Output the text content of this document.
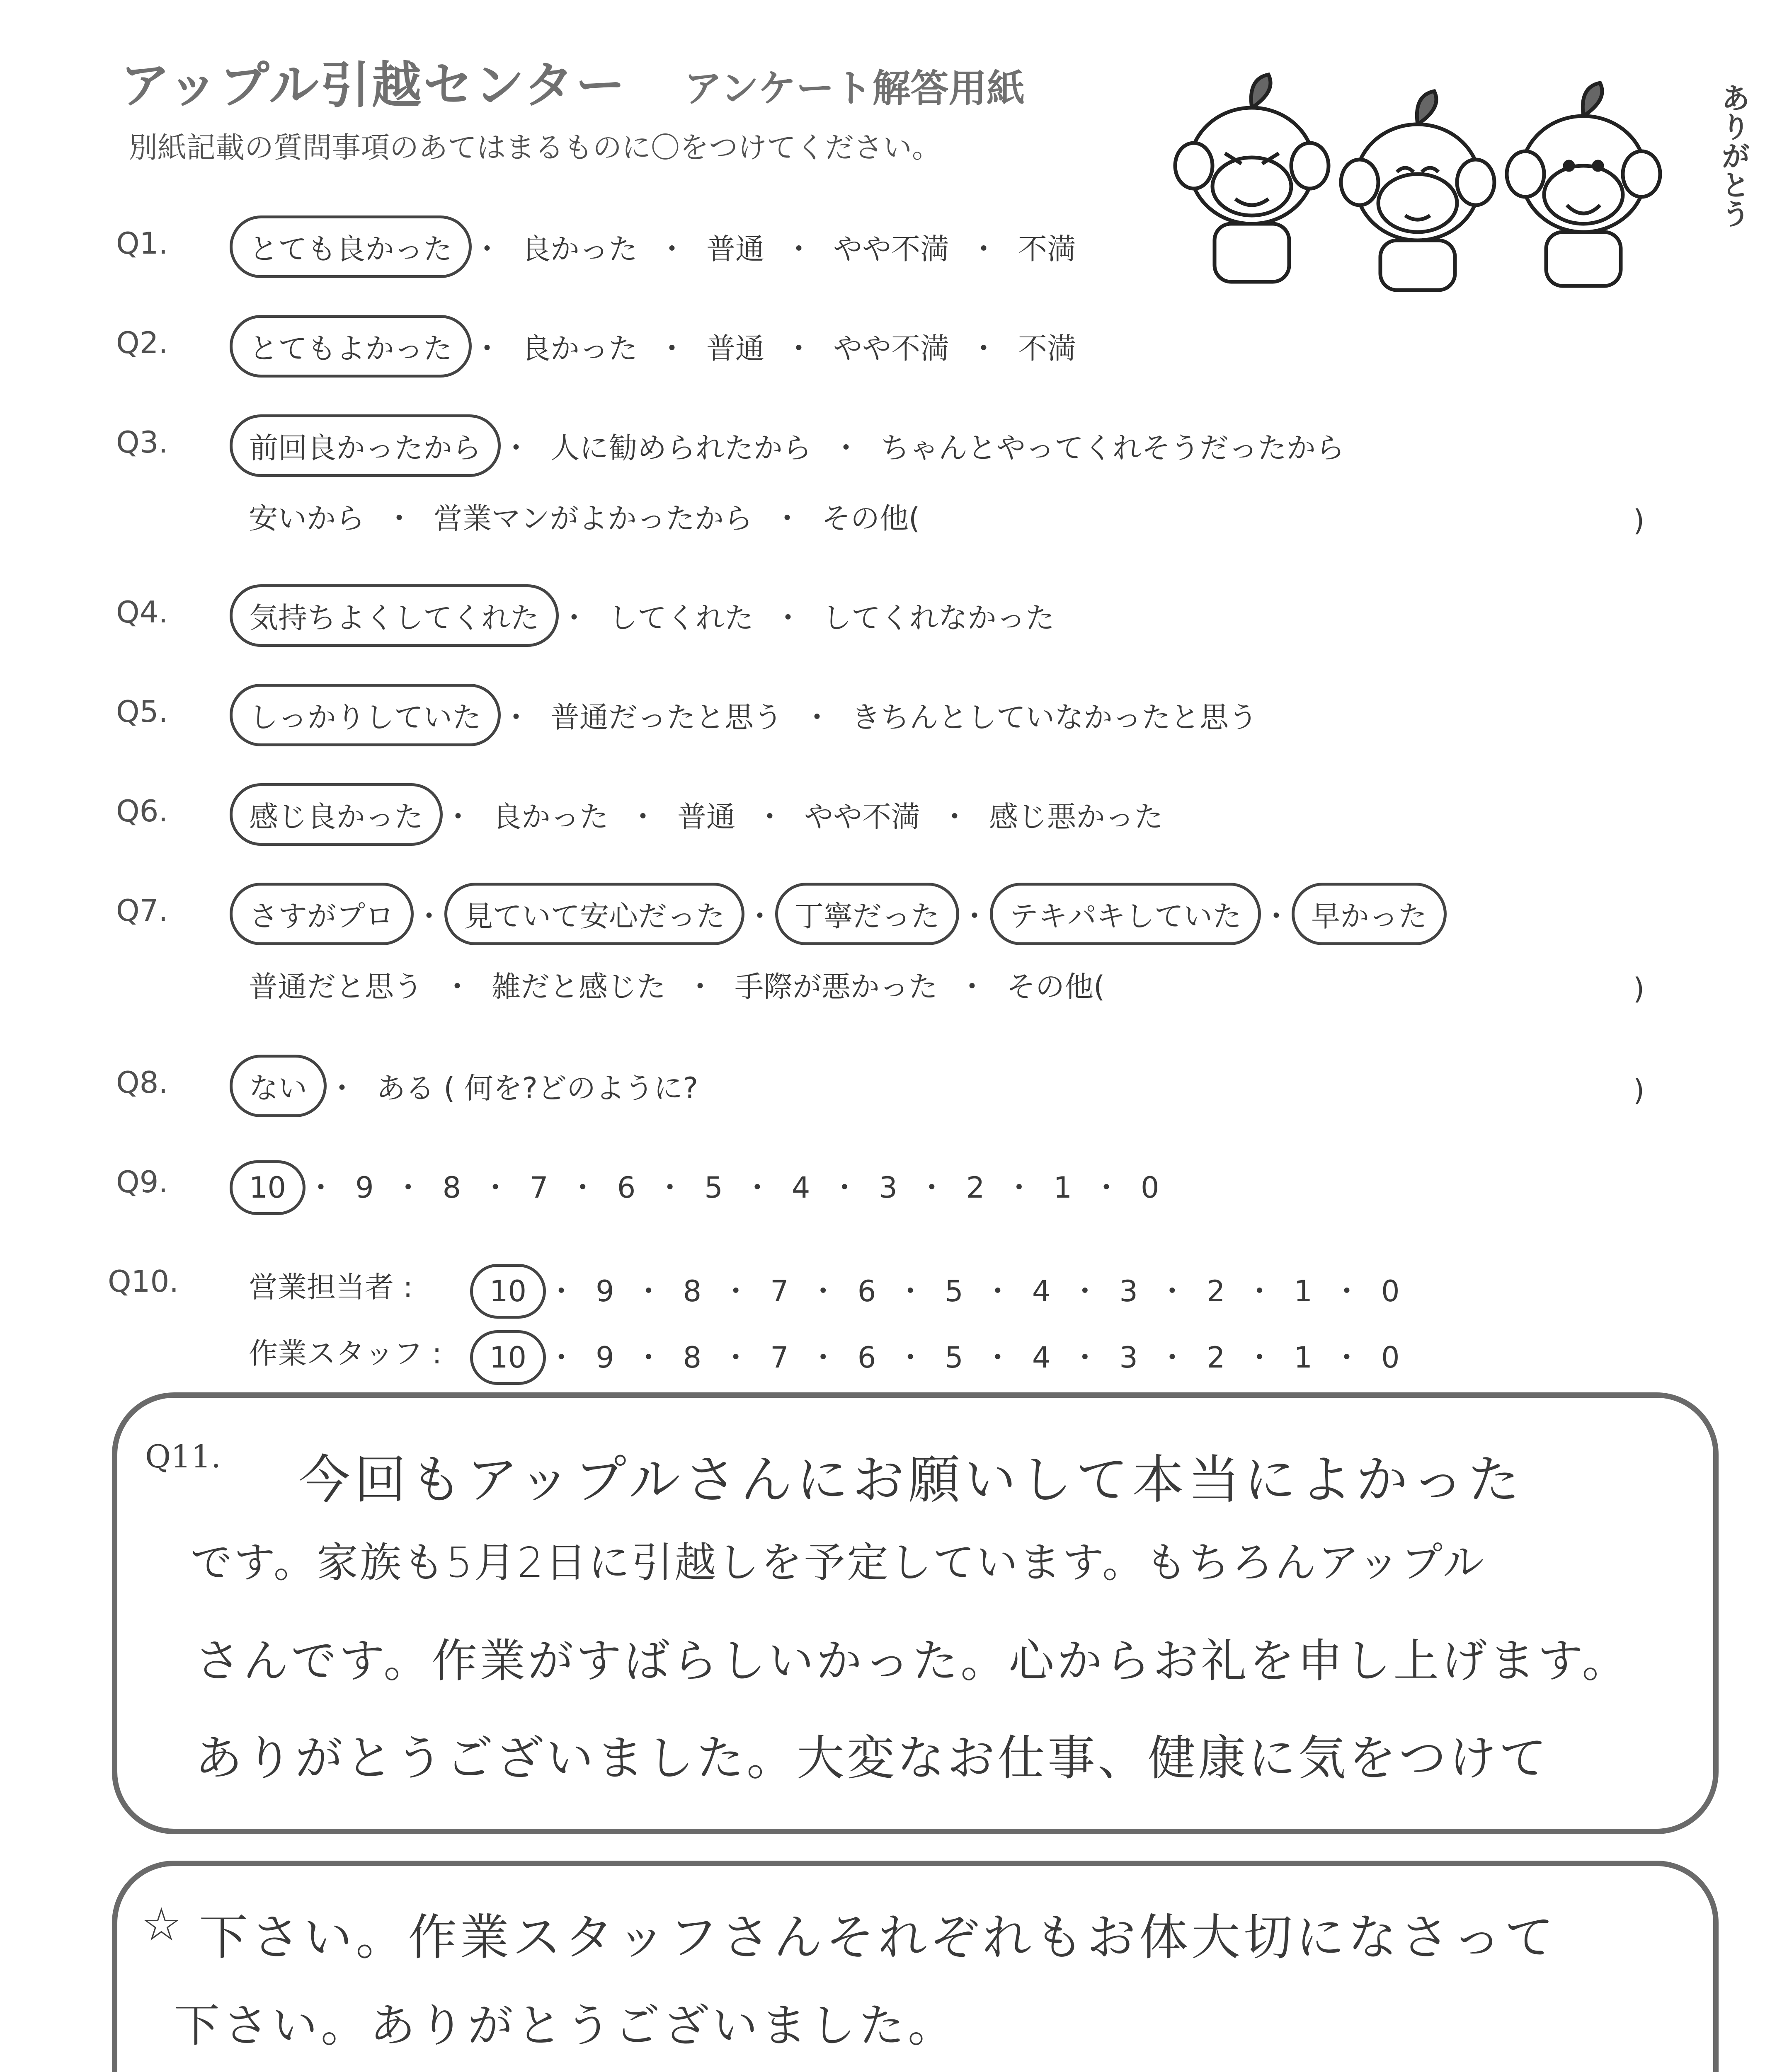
アップル引越センター アンケート解答用紙
別紙記載の質問事項のあてはまるものに〇をつけてください。	ありがとう
Q1.	とても良かった ・ 良かった ・ 普通 ・ やや不満 ・ 不満
Q2.	とてもよかった ・ 良かった ・ 普通 ・ やや不満 ・ 不満
Q3.	前回良かったから ・ 人に勧められたから ・ ちゃんとやってくれそうだったから
安いから ・ 営業マンがよかったから ・ その他(	)
Q4.	気持ちよくしてくれた ・ してくれた ・ してくれなかった
Q5.	しっかりしていた ・ 普通だったと思う ・ きちんとしていなかったと思う
Q6.	感じ良かった ・ 良かった ・ 普通 ・ やや不満 ・ 感じ悪かった
Q7.	さすがプロ ・ 見ていて安心だった ・ 丁寧だった ・ テキパキしていた ・ 早かった
普通だと思う ・ 雑だと感じた ・ 手際が悪かった ・ その他(	)
Q8.	ない ・ ある ( 何を?どのように?	)
Q9.	10 ・ 9 ・ 8 ・ 7 ・ 6 ・ 5 ・ 4 ・ 3 ・ 2 ・ 1 ・ 0
Q10. 営業担当者 :	10 ・ 9 ・ 8 ・ 7 ・ 6 ・ 5 ・ 4 ・ 3 ・ 2 ・ 1 ・ 0
作業スタッフ : 10 ・ 9 ・ 8 ・ 7 ・ 6 ・ 5 ・ 4 ・ 3 ・ 2 ・ 1 ・ 0
Q11. 今回もアップルさんにお願いして本当によかった
です。家族も5月2日に引越しを予定しています。もちろんアップル
さんです。作業がすばらしいかった。心からお礼を申し上げます。
ありがとうございました。大変なお仕事、健康に気をつけて
☆ 下さい。作業スタッフさんそれぞれもお体大切になさって
下さい。ありがとうございました。
